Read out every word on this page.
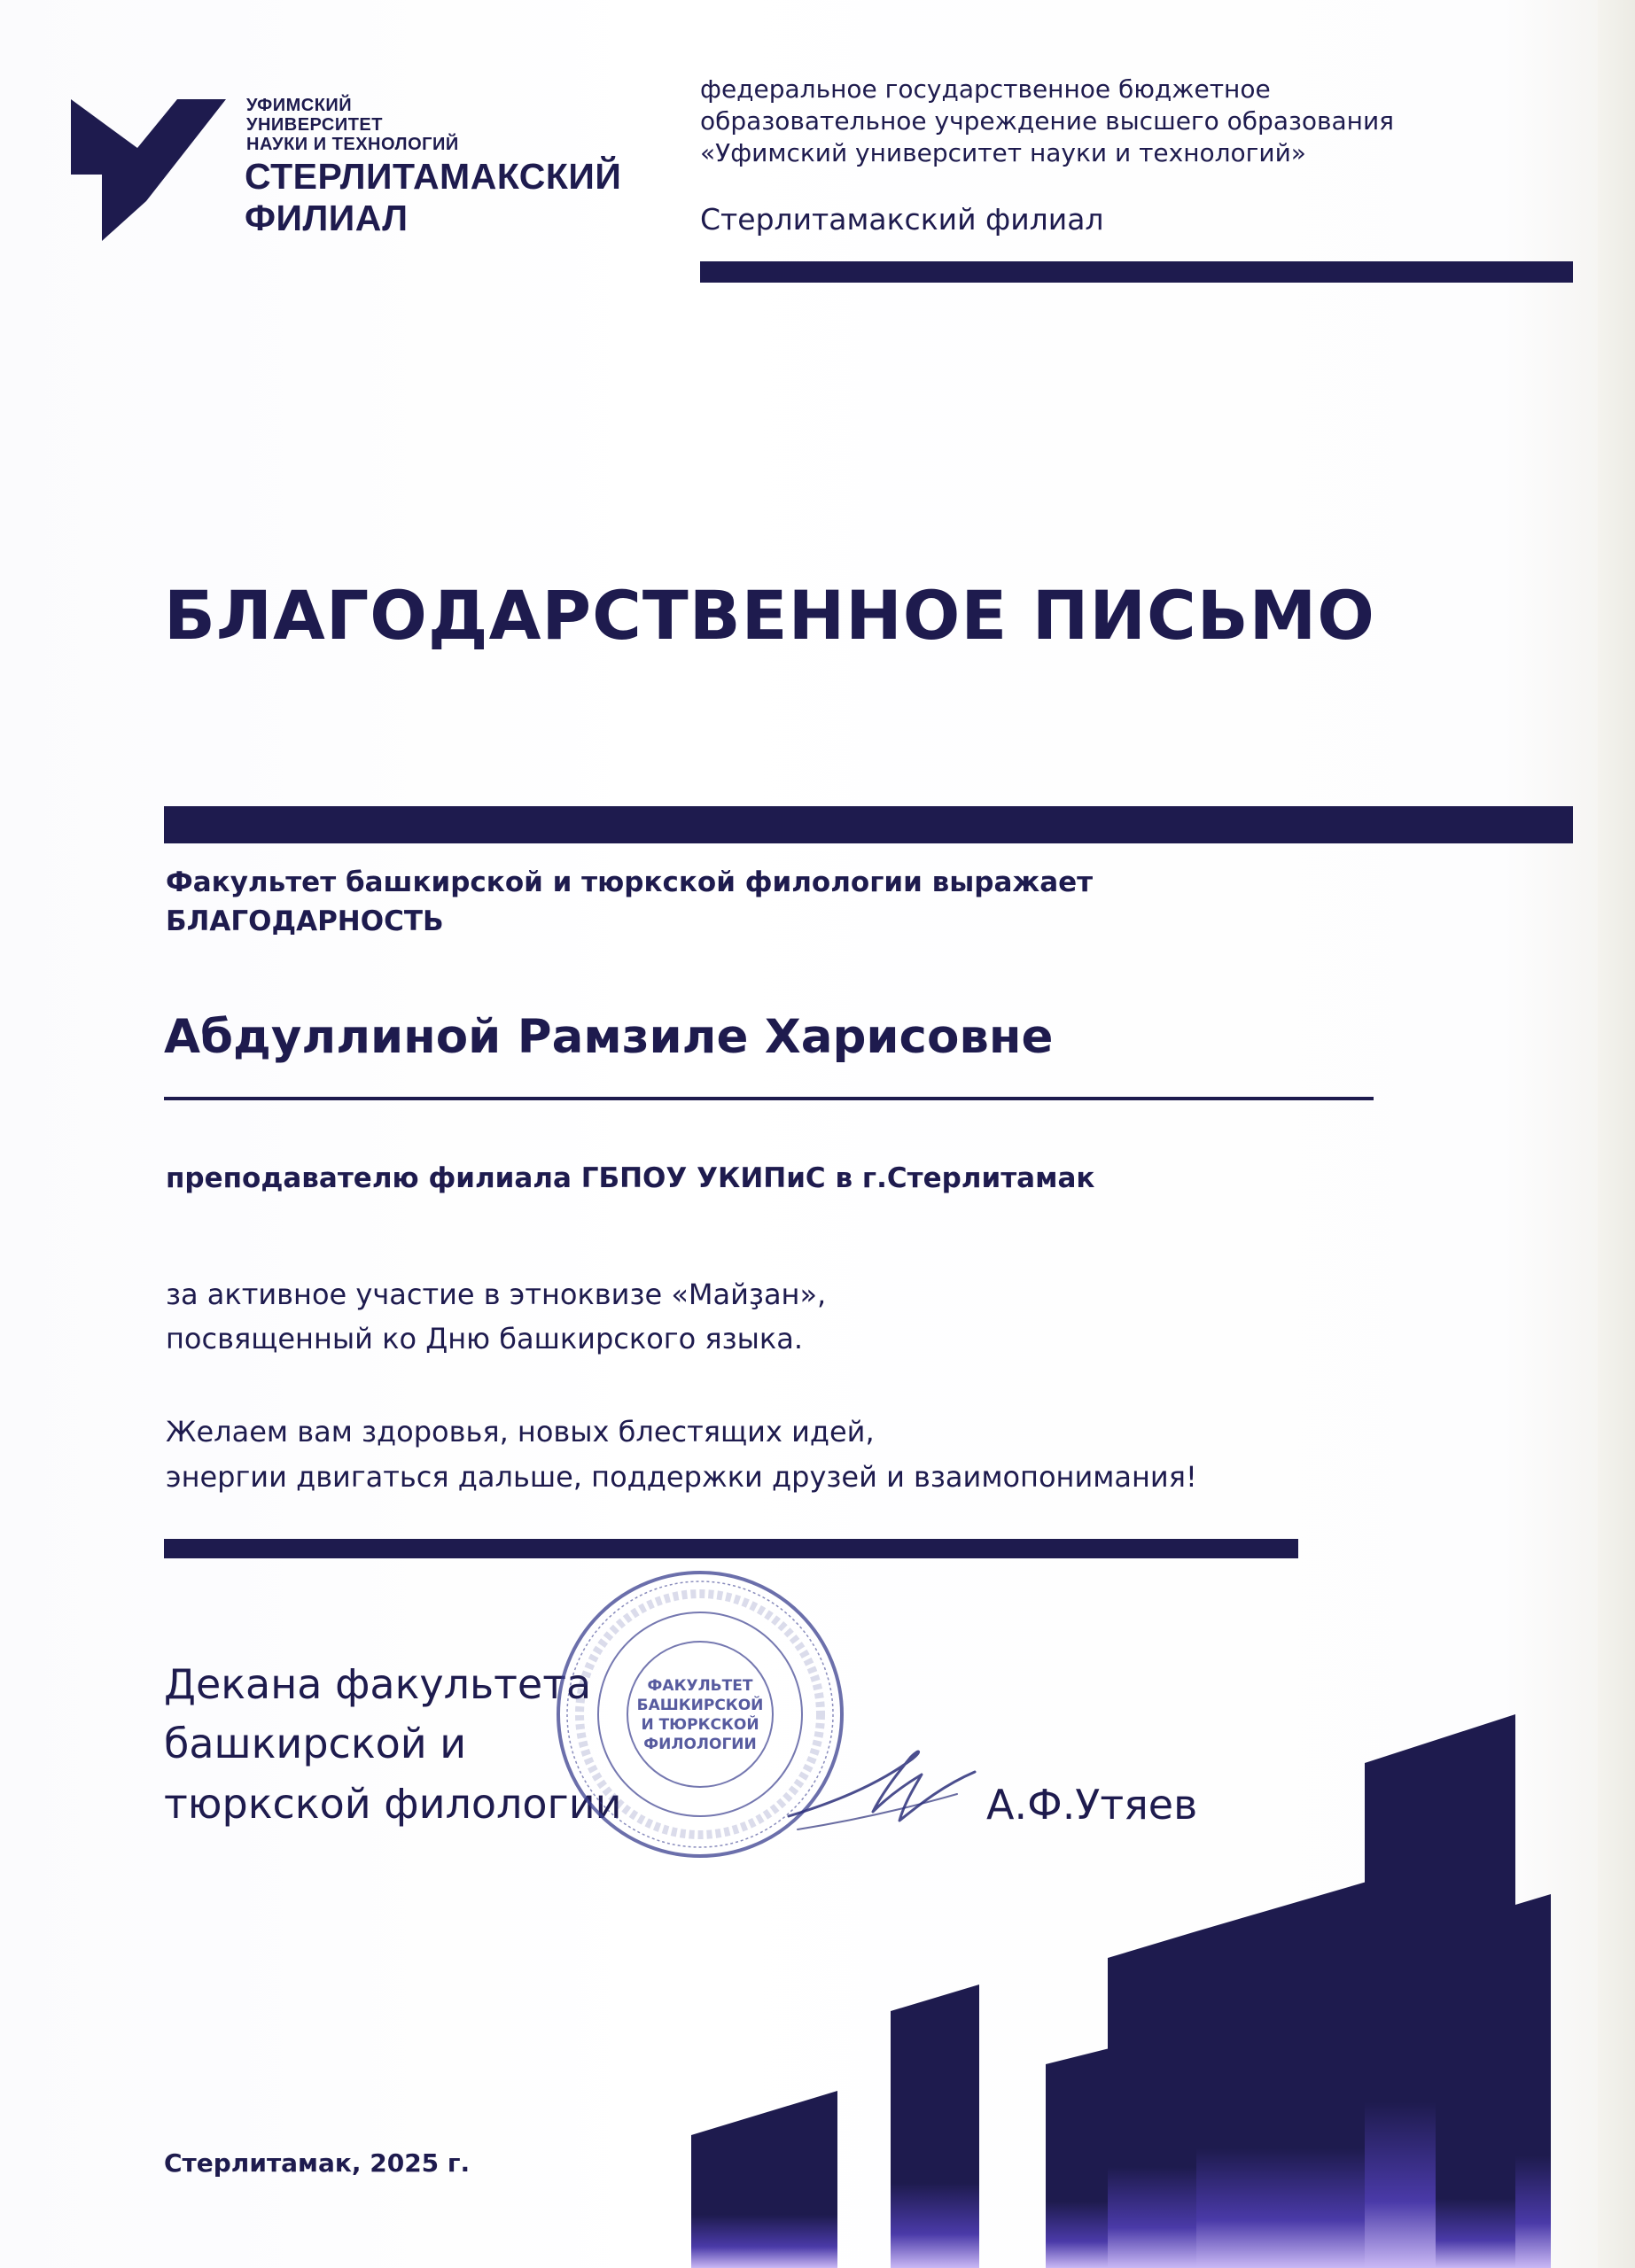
УФИМСКИЙ
УНИВЕРСИТЕТ
НАУКИ И ТЕХНОЛОГИЙ
СТЕРЛИТАМАКСКИЙ
ФИЛИАЛ
федеральное государственное бюджетное
образовательное учреждение высшего образования
«Уфимский университет науки и технологий»
Стерлитамакский филиал
БЛАГОДАРСТВЕННОЕ ПИСЬМО
Факультет башкирской и тюркской филологии выражает
БЛАГОДАРНОСТЬ
Абдуллиной Рамзиле Харисовне
преподавателю филиала ГБПОУ УКИПиС в г.Стерлитамак
за активное участие в этноквизе «Майҙан»,
посвященный ко Дню башкирского языка.
Желаем вам здоровья, новых блестящих идей,
энергии двигаться дальше, поддержки друзей и взаимопонимания!
Декана факультета
башкирской и
тюркской филологии
ФАКУЛЬТЕТ
БАШКИРСКОЙ
И ТЮРКСКОЙ
ФИЛОЛОГИИ
А.Ф.Утяев
Стерлитамак, 2025 г.
